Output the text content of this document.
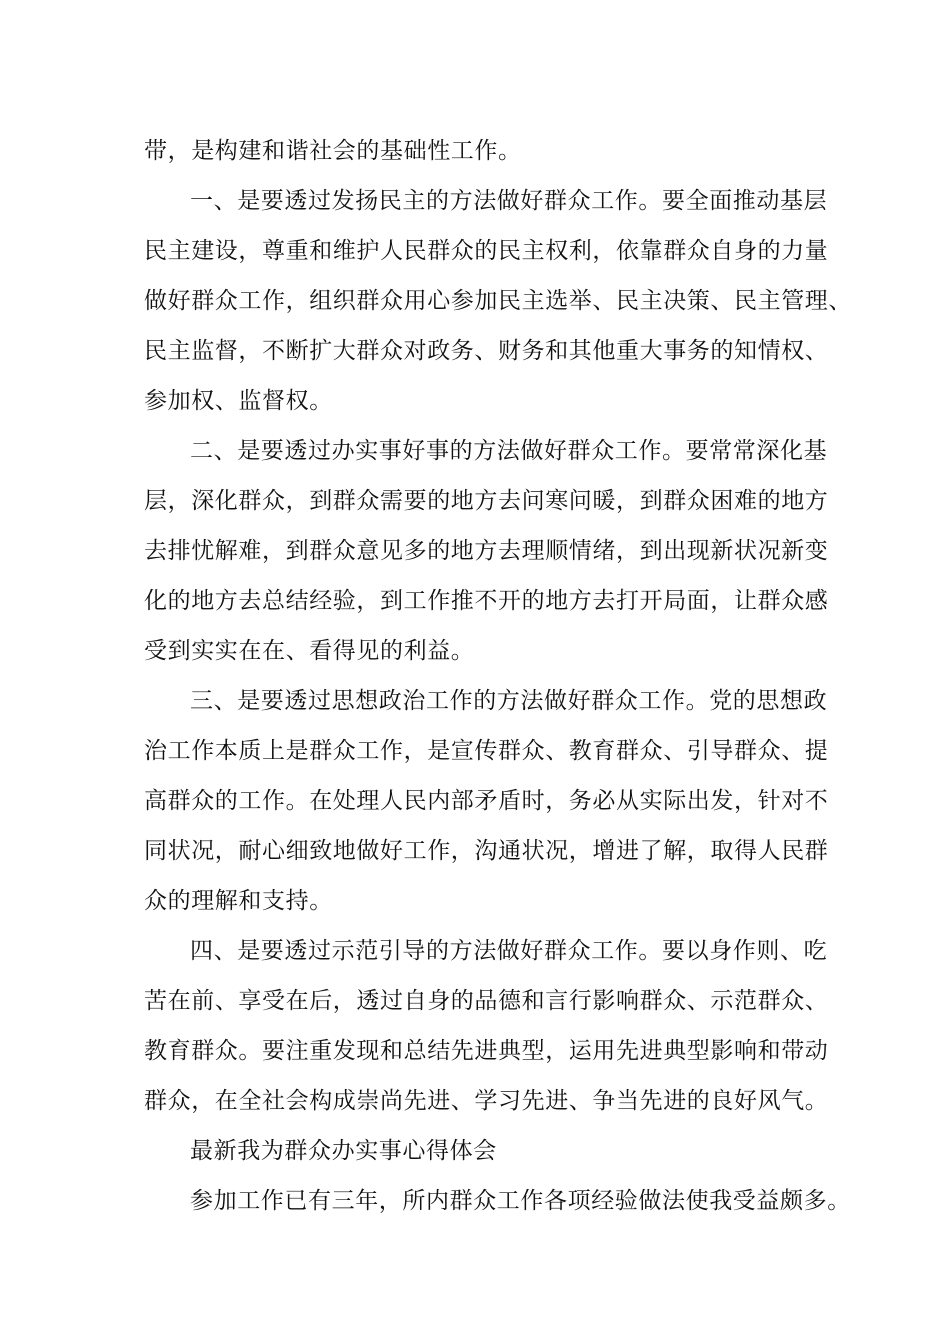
带，是构建和谐社会的基础性工作。
一、是要透过发扬民主的方法做好群众工作。要全面推动基层
民主建设，尊重和维护人民群众的民主权利，依靠群众自身的力量
做好群众工作，组织群众用心参加民主选举、民主决策、民主管理、
民主监督，不断扩大群众对政务、财务和其他重大事务的知情权、
参加权、监督权。
二、是要透过办实事好事的方法做好群众工作。要常常深化基
层，深化群众，到群众需要的地方去问寒问暖，到群众困难的地方
去排忧解难，到群众意见多的地方去理顺情绪，到出现新状况新变
化的地方去总结经验，到工作推不开的地方去打开局面，让群众感
受到实实在在、看得见的利益。
三、是要透过思想政治工作的方法做好群众工作。党的思想政
治工作本质上是群众工作，是宣传群众、教育群众、引导群众、提
高群众的工作。在处理人民内部矛盾时，务必从实际出发，针对不
同状况，耐心细致地做好工作，沟通状况，增进了解，取得人民群
众的理解和支持。
四、是要透过示范引导的方法做好群众工作。要以身作则、吃
苦在前、享受在后，透过自身的品德和言行影响群众、示范群众、
教育群众。要注重发现和总结先进典型，运用先进典型影响和带动
群众，在全社会构成崇尚先进、学习先进、争当先进的良好风气。
最新我为群众办实事心得体会
参加工作已有三年，所内群众工作各项经验做法使我受益颇多。
